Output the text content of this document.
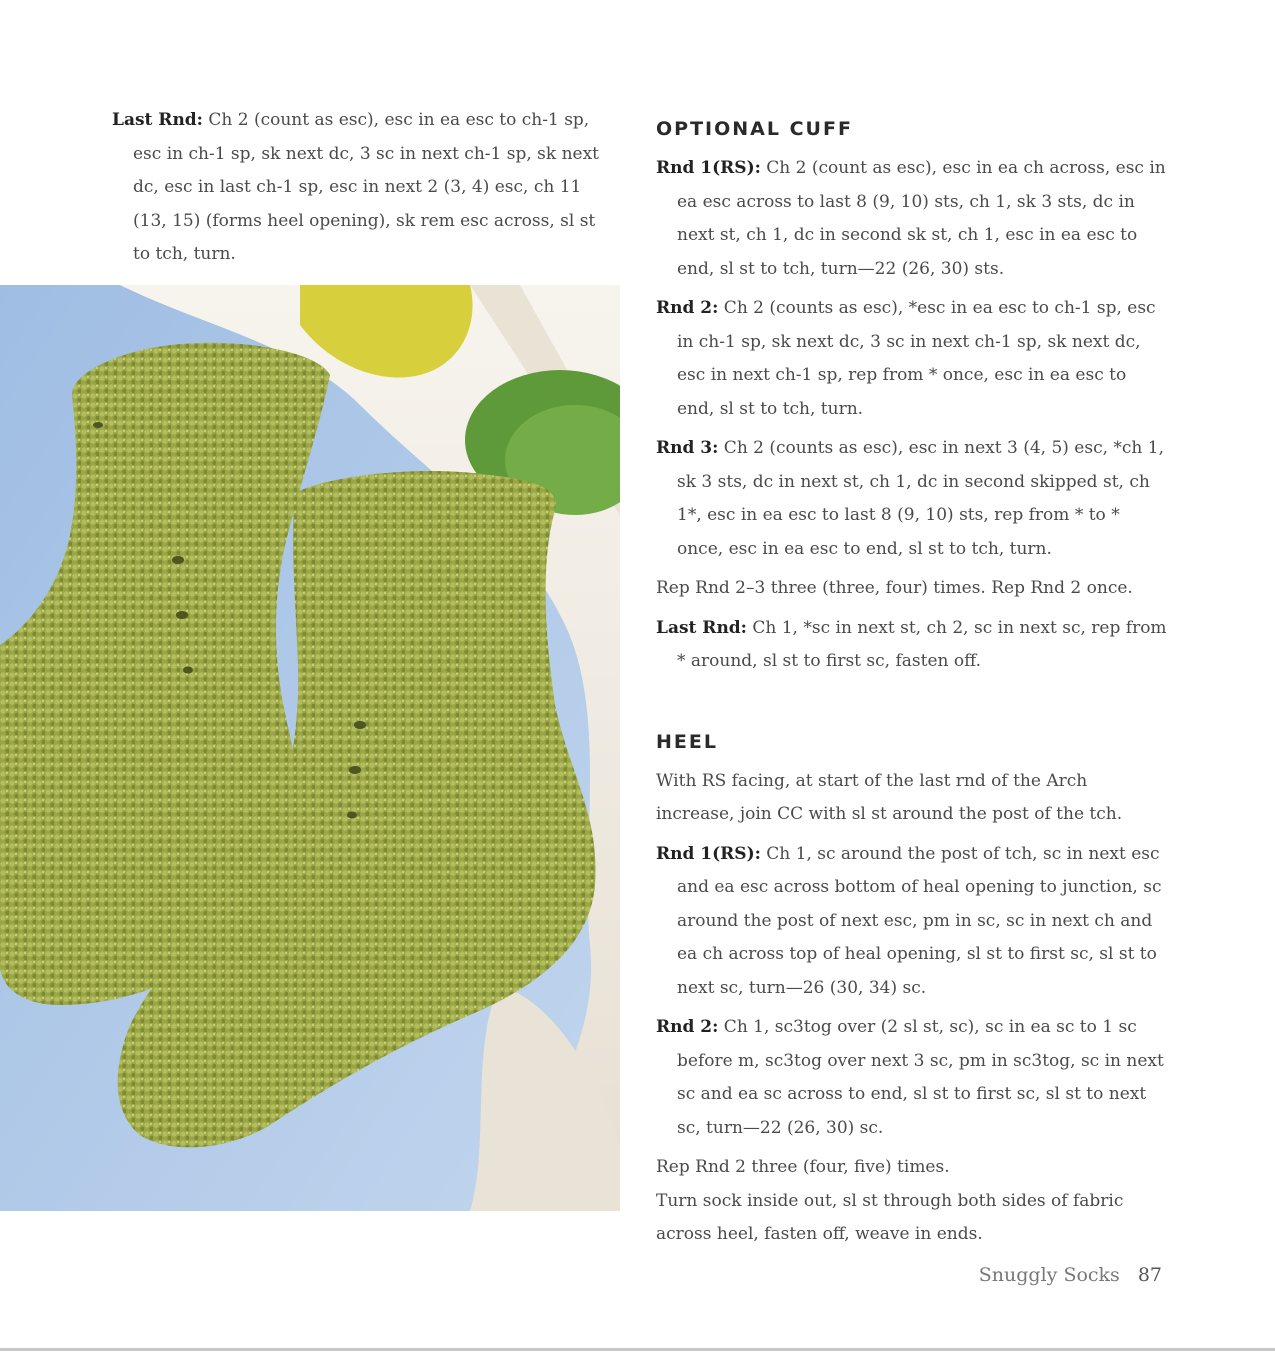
Last Rnd: Ch 2 (count as esc), esc in ea esc to ch-1 sp, esc in ch-1 sp, sk next dc, 3 sc in next ch-1 sp, sk next dc, esc in last ch-1 sp, esc in next 2 (3, 4) esc, ch 11 (13, 15) (forms heel opening), sk rem esc across, sl st to tch, turn.

OPTIONAL CUFF

Rnd 1(RS): Ch 2 (count as esc), esc in ea ch across, esc in ea esc across to last 8 (9, 10) sts, ch 1, sk 3 sts, dc in next st, ch 1, dc in second sk st, ch 1, esc in ea esc to end, sl st to tch, turn—22 (26, 30) sts.

Rnd 2: Ch 2 (counts as esc), *esc in ea esc to ch-1 sp, esc in ch-1 sp, sk next dc, 3 sc in next ch-1 sp, sk next dc, esc in next ch-1 sp, rep from * once, esc in ea esc to end, sl st to tch, turn.

Rnd 3: Ch 2 (counts as esc), esc in next 3 (4, 5) esc, *ch 1, sk 3 sts, dc in next st, ch 1, dc in second skipped st, ch 1*, esc in ea esc to last 8 (9, 10) sts, rep from * to * once, esc in ea esc to end, sl st to tch, turn.

Rep Rnd 2–3 three (three, four) times. Rep Rnd 2 once.

Last Rnd: Ch 1, *sc in next st, ch 2, sc in next sc, rep from * around, sl st to first sc, fasten off.

HEEL

With RS facing, at start of the last rnd of the Arch increase, join CC with sl st around the post of the tch.

Rnd 1(RS): Ch 1, sc around the post of tch, sc in next esc and ea esc across bottom of heal opening to junction, sc around the post of next esc, pm in sc, sc in next ch and ea ch across top of heal opening, sl st to first sc, sl st to next sc, turn—26 (30, 34) sc.

Rnd 2: Ch 1, sc3tog over (2 sl st, sc), sc in ea sc to 1 sc before m, sc3tog over next 3 sc, pm in sc3tog, sc in next sc and ea sc across to end, sl st to first sc, sl st to next sc, turn—22 (26, 30) sc.

Rep Rnd 2 three (four, five) times.

Turn sock inside out, sl st through both sides of fabric across heel, fasten off, weave in ends.

Snuggly Socks 87
